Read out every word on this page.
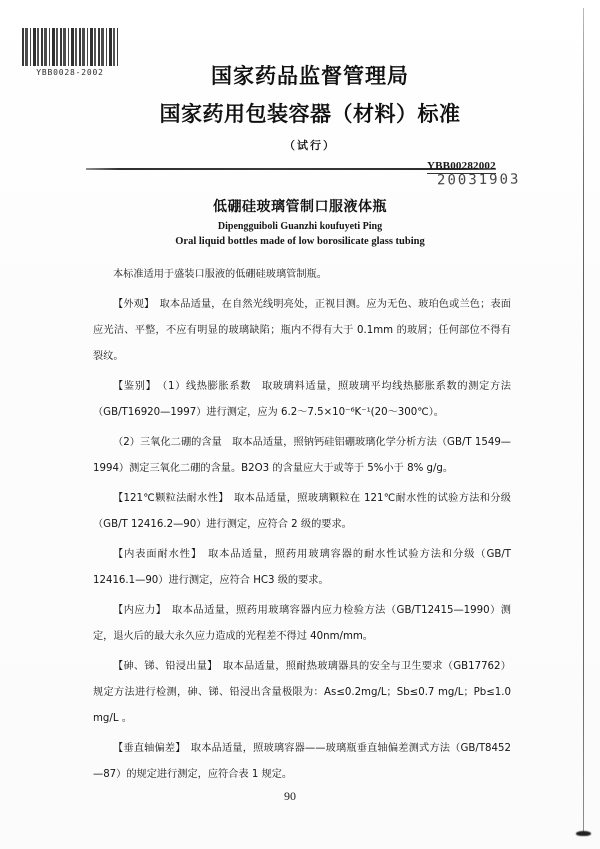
YBB0028-2002	国家药品监督管理局
国家药用包装容器（材料）标准
（试行）
YBB00282002
20031903
低硼硅玻璃管制口服液体瓶
Dipengguiboli Guanzhi koufuyeti Ping
Oral liquid bottles made of low borosilicate glass tubing

本标准适用于盛装口服液的低硼硅玻璃管制瓶。

【外观】　取本品适量，在自然光线明亮处，正视目测。应为无色、玻珀色或兰色；表面应光洁、平整，不应有明显的玻璃缺陷；瓶内不得有大于 0.1mm 的玻屑；任何部位不得有裂纹。

【鉴别】　（1）线热膨胀系数　取玻璃料适量，照玻璃平均线热膨胀系数的测定方法（GB/T16920—1997）进行测定，应为 6.2～7.5×10⁻⁶K⁻¹(20～300℃）。

（2）三氧化二硼的含量　取本品适量，照钠钙硅铝硼玻璃化学分析方法（GB/T 1549—1994）测定三氧化二硼的含量。B2O3 的含量应大于或等于 5%小于 8% g/g。

【121℃颗粒法耐水性】　取本品适量，照玻璃颗粒在 121℃耐水性的试验方法和分级（GB/T 12416.2—90）进行测定，应符合 2 级的要求。

【内表面耐水性】　取本品适量，照药用玻璃容器的耐水性试验方法和分级（GB/T 12416.1—90）进行测定，应符合 HC3 级的要求。

【内应力】　取本品适量，照药用玻璃容器内应力检验方法（GB/T12415—1990）测定，退火后的最大永久应力造成的光程差不得过 40nm/mm。

【砷、锑、铅浸出量】　取本品适量，照耐热玻璃器具的安全与卫生要求（GB17762）规定方法进行检测，砷、锑、铅浸出含量极限为：As≤0.2mg/L；Sb≤0.7 mg/L；Pb≤1.0 mg/L 。

【垂直轴偏差】　取本品适量，照玻璃容器——玻璃瓶垂直轴偏差测式方法（GB/T8452—87）的规定进行测定，应符合表 1 规定。

90
